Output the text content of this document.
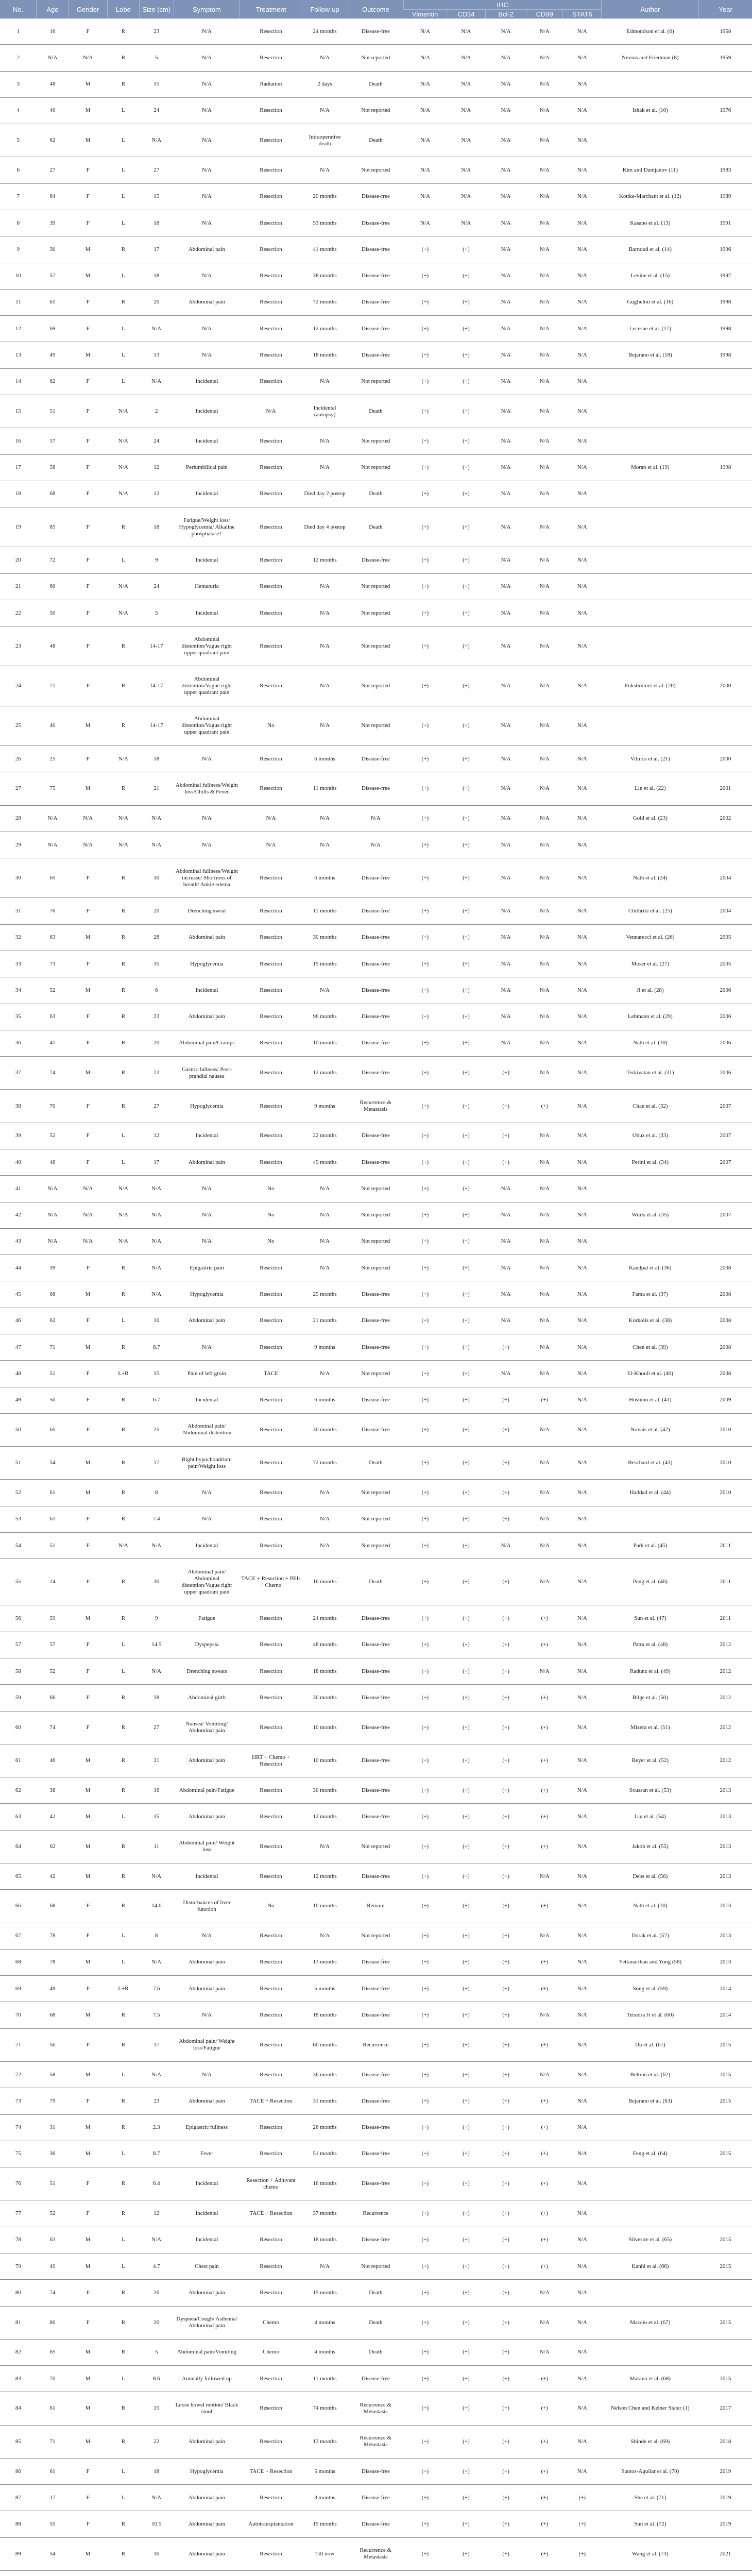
No.	Age	Gender	Lobe	Size (cm)	Symptom	Treatment	Follow-up	Outcome	IHC					Author	Year
									Vimentin	CD34	Bcl-2	CD99	STAT6		
1	16	F	R	23	N/A	Resection	24 months	Disease-free	N/A	N/A	N/A	N/A	N/A	Edmondson et al. (6)	1958
2	N/A	N/A	R	5	N/A	Resection	N/A	Not reported	N/A	N/A	N/A	N/A	N/A	Nevius and Friedman (8)	1959
3	48	M	R	15	N/A	Radiation	2 days	Death	N/A	N/A	N/A	N/A	N/A		
4	40	M	L	24	N/A	Resection	N/A	Not reported	N/A	N/A	N/A	N/A	N/A	Ishak et al. (10)	1976
5	62	M	L	N/A	N/A	Resection	Intraoperative death	Death	N/A	N/A	N/A	N/A	N/A		
6	27	F	L	27	N/A	Resection	N/A	Not reported	N/A	N/A	N/A	N/A	N/A	Kim and Damjanov (11)	1983
7	64	F	L	15	N/A	Resection	29 months	Disease-free	N/A	N/A	N/A	N/A	N/A	Kottke-Marchant et al. (12)	1989
8	39	F	L	18	N/A	Resection	53 months	Disease-free	N/A	N/A	N/A	N/A	N/A	Kasano et al. (13)	1991
9	30	M	R	17	Abdominal pain	Resection	41 months	Disease-free	(+)	(+)	N/A	N/A	N/A	Barnoud et al. (14)	1996
10	57	M	L	18	N/A	Resection	38 months	Disease-free	(+)	(+)	N/A	N/A	N/A	Levine et al. (15)	1997
11	61	F	R	20	Abdominal pain	Resection	72 months	Disease-free	(+)	(+)	N/A	N/A	N/A	Guglielmi et al. (16)	1998
12	69	F	L	N/A	N/A	Resection	12 months	Disease-free	(+)	(+)	N/A	N/A	N/A	Lecesne et al. (17)	1998
13	49	M	L	13	N/A	Resection	18 months	Disease-free	(+)	(+)	N/A	N/A	N/A	Bejarano et al. (18)	1998
14	62	F	L	N/A	Incidental	Resection	N/A	Not reported	(+)	(+)	N/A	N/A	N/A		
15	51	F	N/A	2	Incidental	N/A	Incidental (autopsy)	Death	(+)	(+)	N/A	N/A	N/A		
16	57	F	N/A	24	Incidental	Resection	N/A	Not reported	(+)	(+)	N/A	N/A	N/A		
17	58	F	N/A	12	Periumbilical pain	Resection	N/A	Not reported	(+)	(+)	N/A	N/A	N/A	Moran et al. (19)	1998
18	68	F	N/A	12	Incidental	Resection	Died day 2 postop	Death	(+)	(+)	N/A	N/A	N/A		
19	85	F	R	18	Fatigue/Weight loss/ Hypoglycemia/ Alkaline phosphatase↑	Resection	Died day 4 postop	Death	(+)	(+)	N/A	N/A	N/A		
20	72	F	L	9	Incidental	Resection	12 months	Disease-free	(+)	(+)	N/A	N/A	N/A		
21	60	F	N/A	24	Hematuria	Resection	N/A	Not reported	(+)	(+)	N/A	N/A	N/A		
22	50	F	N/A	5	Incidental	Resection	N/A	Not reported	(+)	(+)	N/A	N/A	N/A		
23	48	F	R	14-17	Abdominal distention/Vague right upper quadrant pain	Resection	N/A	Not reported	(+)	(+)	N/A	N/A	N/A		
24	71	F	R	14-17	Abdominal distention/Vague right upper quadrant pain	Resection	N/A	Not reported	(+)	(+)	N/A	N/A	N/A	Fuksbrumer et al. (20)	2000
25	40	M	R	14-17	Abdominal distention/Vague right upper quadrant pain	No	N/A	Not reported	(+)	(+)	N/A	N/A	N/A		
26	25	F	N/A	18	N/A	Resection	6 months	Disease-free	(+)	(+)	N/A	N/A	N/A	Vilmos et al. (21)	2000
27	75	M	R	21	Abdominal fullness/Weight loss/Chills & Fever	Resection	11 months	Disease-free	(+)	(+)	N/A	N/A	N/A	Lin et al. (22)	2001
28	N/A	N/A	N/A	N/A	N/A	N/A	N/A	N/A	(+)	(+)	N/A	N/A	N/A	Gold et al. (23)	2002
29	N/A	N/A	N/A	N/A	N/A	N/A	N/A	N/A	(+)	(+)	N/A	N/A	N/A		
30	65	F	R	30	Abdominal fullness/Weight increase/ Shortness of breath/ Ankle edema	Resection	6 months	Disease-free	(+)	(+)	N/A	N/A	N/A	Nath et al. (24)	2004
31	76	F	R	20	Drenching sweat	Resection	11 months	Disease-free	(+)	(+)	N/A	N/A	N/A	Chithriki et al. (25)	2004
32	63	M	R	28	Abdominal pain	Resection	30 months	Disease-free	(+)	(+)	N/A	N/A	N/A	Vennarecci et al. (26)	2005
33	73	F	R	35	Hypoglycemia	Resection	15 months	Disease-free	(+)	(+)	N/A	N/A	N/A	Moser et al. (27)	2005
34	52	M	R	6	Incidental	Resection	N/A	Disease-free	(+)	(+)	N/A	N/A	N/A	Ji et al. (28)	2006
35	63	F	R	23	Abdominal pain	Resection	96 months	Disease-free	(+)	(+)	N/A	N/A	N/A	Lehmann et al. (29)	2006
36	41	F	R	20	Abdominal pain/Cramps	Resection	10 months	Disease-free	(+)	(+)	N/A	N/A	N/A	Nath et al. (30)	2006
37	74	M	R	22	Gastric fullness/ Post-prandial nausea	Resection	12 months	Disease-free	(+)	(+)	(+)	N/A	N/A	Terkivatan et al. (31)	2006
38	70	F	R	27	Hypoglycemia	Resection	9 months	Recurrence & Metastasis	(+)	(+)	(+)	(+)	N/A	Chan et al. (32)	2007
39	52	F	L	12	Incidental	Resection	22 months	Disease-free	(+)	(+)	(+)	N/A	N/A	Obuz et al. (33)	2007
40	48	F	L	17	Abdominal pain	Resection	49 months	Disease-free	(+)	(+)	(+)	N/A	N/A	Perini et al. (34)	2007
41	N/A	N/A	N/A	N/A	N/A	No	N/A	Not reported	(+)	(+)	N/A	N/A	N/A		
42	N/A	N/A	N/A	N/A	N/A	No	N/A	Not reported	(+)	(+)	N/A	N/A	N/A	Wurts et al. (35)	2007
43	N/A	N/A	N/A	N/A	N/A	No	N/A	Not reported	(+)	(+)	N/A	N/A	N/A		
44	39	F	R	N/A	Epigastric pain	Resection	N/A	Not reported	(+)	(+)	N/A	N/A	N/A	Kandpal et al. (36)	2008
45	68	M	R	N/A	Hypoglycemia	Resection	25 months	Disease-free	(+)	(+)	N/A	N/A	N/A	Fama et al. (37)	2008
46	62	F	L	10	Abdominal pain	Resection	21 months	Disease-free	(+)	(+)	N/A	N/A	N/A	Korkolis et al. (38)	2008
47	71	M	R	8.7	N/A	Resection	9 months	Disease-free	(+)	(+)	(+)	N/A	N/A	Chen et al. (39)	2008
48	51	F	L+R	15	Pain of left groin	TACE	N/A	Not reported	(+)	(+)	N/A	N/A	N/A	El-Khouli et al. (40)	2008
49	50	F	R	6.7	Incidental	Resection	6 months	Disease-free	(+)	(+)	(+)	(+)	N/A	Hoshino et al. (41)	2009
50	65	F	R	25	Abdominal pain/ Abdominal distention	Resection	30 months	Disease-free	(+)	(+)	(+)	N/A	N/A	Novais et al. (42)	2010
51	54	M	R	17	Right hypochondrium pain/Weight loss	Resection	72 months	Death	(+)	(+)	(+)	N/A	N/A	Beschard et al. (43)	2010
52	61	M	R	8	N/A	Resection	N/A	Not reported	(+)	(+)	(+)	N/A	N/A	Haddad et al. (44)	2010
53	61	F	R	7.4	N/A	Resection	N/A	Not reported	(+)	(+)	(+)	N/A	N/A		
54	51	F	N/A	N/A	Incidental	Resection	N/A	Not reported	(+)	(+)	N/A	N/A	N/A	Park et al. (45)	2011
55	24	F	R	30	Abdominal pain/ Abdominal distention/Vague right upper quadrant pain	TACE + Resection + PEIs + Chemo	16 months	Death	(+)	(+)	(+)	N/A	N/A	Peng et al. (46)	2011
56	59	M	R	9	Fatigue	Resection	24 months	Disease-free	(+)	(+)	(+)	(+)	N/A	Sun et al. (47)	2011
57	57	F	L	14.5	Dyspepsia	Resection	48 months	Disease-free	(+)	(+)	(+)	(+)	N/A	Patra et al. (48)	2012
58	52	F	L	N/A	Drenching sweats	Resection	18 months	Disease-free	(+)	(+)	(+)	N/A	N/A	Radunz et al. (49)	2012
59	66	F	R	28	Abdominal girth	Resection	30 months	Disease-free	(+)	(+)	(+)	(+)	N/A	Bilge et al. (50)	2012
60	74	F	R	27	Nausea/ Vomiting/ Abdominal pain	Resection	10 months	Disease-free	(+)	(+)	(+)	(+)	N/A	Mizera et al. (51)	2012
61	46	M	R	21	Abdominal pain	HRT + Chemo + Resection	10 months	Disease-free	(+)	(+)	(+)	(+)	N/A	Beyer et al. (52)	2012
62	38	M	R	16	Abdominal pain/Fatigue	Resection	30 months	Disease-free	(+)	(+)	(+)	(+)	N/A	Soussan et al. (53)	2013
63	42	M	L	15	Abdominal pain	Resection	12 months	Disease-free	(+)	(+)	(+)	(+)	N/A	Liu et al. (54)	2013
64	62	M	R	11	Abdominal pain/ Weight loss	Resection	N/A	Not reported	(+)	(+)	(+)	(+)	N/A	Jakob et al. (55)	2013
65	42	M	R	N/A	Incidental	Resection	12 months	Disease-free	(+)	(+)	(+)	N/A	N/A	Debs et al. (56)	2013
66	68	F	R	14.6	Disturbances of liver function	No	10 months	Remain	(+)	(+)	(+)	(+)	N/A	Nath et al. (30)	2013
67	78	F	L	8	N/A	Resection	N/A	Not reported	(+)	(+)	(+)	N/A	N/A	Dorak et al. (57)	2013
68	78	M	L	N/A	Abdominal pain	Resection	13 months	Disease-free	(+)	(+)	(+)	(+)	N/A	Yetkinarthan and Yong (58)	2013
69	49	F	L+R	7.6	Abdominal pain	Resection	5 months	Disease-free	(+)	(+)	(+)	(+)	N/A	Song et al. (59)	2014
70	68	M	R	7.5	N/A	Resection	18 months	Disease-free	(+)	(+)	(+)	N/A	N/A	Teixeira Jr et al. (60)	2014
71	56	F	R	17	Abdominal pain/ Weight loss/Fatigue	Resection	60 months	Recurrence	(+)	(+)	(+)	(+)	N/A	Du et al. (61)	2015
72	58	M	L	N/A	N/A	Resection	36 months	Disease-free	(+)	(+)	(+)	N/A	N/A	Beltran et al. (62)	2015
73	79	F	R	23	Abdominal pain	TACE + Resection	31 months	Disease-free	(+)	(+)	(+)	(+)	N/A	Bejarano et al. (63)	2015
74	31	M	R	2.3	Epigastric fullness	Resection	26 months	Disease-free	(+)	(+)	(+)	(+)	N/A		
75	36	M	L	8.7	Fever	Resection	51 months	Disease-free	(+)	(+)	(+)	(+)	N/A	Feng et al. (64)	2015
76	51	F	R	6.4	Incidental	Resection + Adjuvant chemo	16 months	Disease-free	(+)	(+)	(+)	(+)	N/A		
77	52	F	R	12	Incidental	TACE + Resection	37 months	Recurrence	(+)	(+)	(+)	(+)	N/A		
78	63	M	L	N/A	Incidental	Resection	18 months	Disease-free	(+)	(+)	(+)	(+)	N/A	Silvestre et al. (65)	2015
79	49	M	L	4.7	Chest pain	Resection	N/A	Not reported	(+)	(+)	(+)	(+)	N/A	Kanhi et al. (66)	2015
80	74	F	R	26	Abdominal pain	Resection	15 months	Death	(+)	(+)	(+)	N/A	N/A		
81	80	F	R	20	Dyspnea/Cough/ Asthenia/ Abdominal pain	Chemo	4 months	Death	(+)	(+)	(+)	N/A	N/A	Maccio et al. (67)	2015
82	65	M	R	5	Abdominal pain/Vomiting	Chemo	4 months	Death	(+)	(+)	(+)	N/A	N/A		
83	70	M	L	8.6	Annually followed up	Resection	11 months	Disease-free	(+)	(+)	(+)	(+)	N/A	Makino et al. (68)	2015
84	61	M	R	15	Loose bowel motion/ Black stool	Resection	74 months	Recurrence & Metastasis	(+)	(+)	(+)	(+)	N/A	Nelson Chen and Kelner Slater (1)	2017
85	71	M	R	22	Abdominal pain	Resection	13 months	Recurrence & Metastasis	(+)	(+)	(+)	(+)	N/A	Shinde et al. (69)	2018
86	61	F	L	18	Hypoglycemia	TACE + Resection	5 months	Disease-free	(+)	(+)	(+)	(+)	N/A	Santos-Aguilar et al. (70)	2019
87	17	F	L	N/A	Abdominal pain	Resection	3 months	Disease-free	(+)	(+)	(+)	(+)	(+)	She et al. (71)	2019
88	55	F	R	10.5	Abdominal pain	Autotransplantation	15 months	Disease-free	(+)	(+)	(+)	(+)	(+)	Sun et al. (72)	2019
89	54	M	R	16	Abdominal pain	Resection	Till now	Recurrence & Metastasis	(+)	(+)	(+)	(+)	(+)	Wang et al. (73)	2021
